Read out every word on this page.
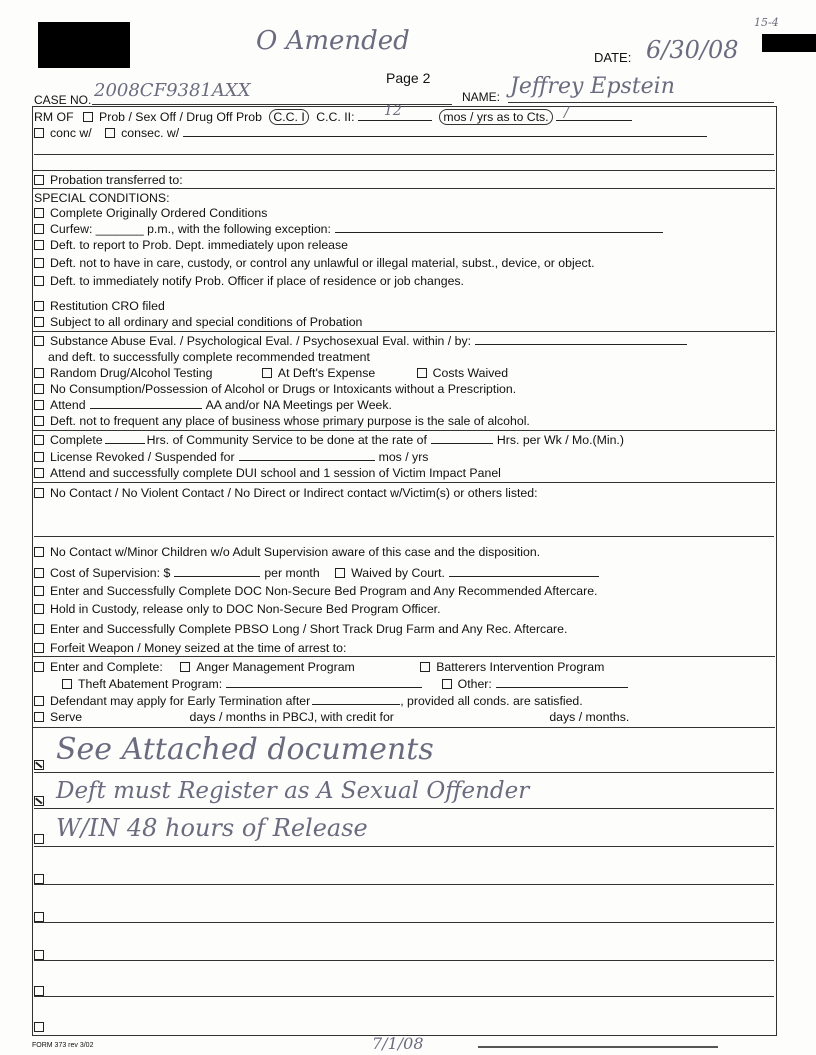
O Amended
15-4
DATE: 6/30/08
Page 2
CASE NO. 2008CF9381AXX	NAME: Jeffrey Epstein
RM OF Prob / Sex Off / Drug Off Prob C.C. I C.C. II: 12	mos / yrs as to Cts. /
conc w/ consec. w/
Probation transferred to:
SPECIAL CONDITIONS:
Complete Originally Ordered Conditions
Curfew: _______ p.m., with the following exception:
Deft. to report to Prob. Dept. immediately upon release
Deft. not to have in care, custody, or control any unlawful or illegal material, subst., device, or object.
Deft. to immediately notify Prob. Officer if place of residence or job changes.
Restitution CRO filed
Subject to all ordinary and special conditions of Probation
Substance Abuse Eval. / Psychological Eval. / Psychosexual Eval. within / by:
and deft. to successfully complete recommended treatment
Random Drug/Alcohol Testing	At Deft's Expense	Costs Waived
No Consumption/Possession of Alcohol or Drugs or Intoxicants without a Prescription.
Attend	AA and/or NA Meetings per Week.
Deft. not to frequent any place of business whose primary purpose is the sale of alcohol.
Complete	Hrs. of Community Service to be done at the rate of	Hrs. per Wk / Mo.(Min.)
License Revoked / Suspended for	mos / yrs
Attend and successfully complete DUI school and 1 session of Victim Impact Panel
No Contact / No Violent Contact / No Direct or Indirect contact w/Victim(s) or others listed:
No Contact w/Minor Children w/o Adult Supervision aware of this case and the disposition.
Cost of Supervision: $	per month	Waived by Court.
Enter and Successfully Complete DOC Non-Secure Bed Program and Any Recommended Aftercare.
Hold in Custody, release only to DOC Non-Secure Bed Program Officer.
Enter and Successfully Complete PBSO Long / Short Track Drug Farm and Any Rec. Aftercare.
Forfeit Weapon / Money seized at the time of arrest to:
Enter and Complete:	Anger Management Program	Batterers Intervention Program
Theft Abatement Program:	Other:
Defendant may apply for Early Termination after	, provided all conds. are satisfied.
Serve	days / months in PBCJ, with credit for	days / months.
See Attached documents
Deft must Register as A Sexual Offender
W/IN 48 hours of Release
FORM 373 rev 3/02	7/1/08
